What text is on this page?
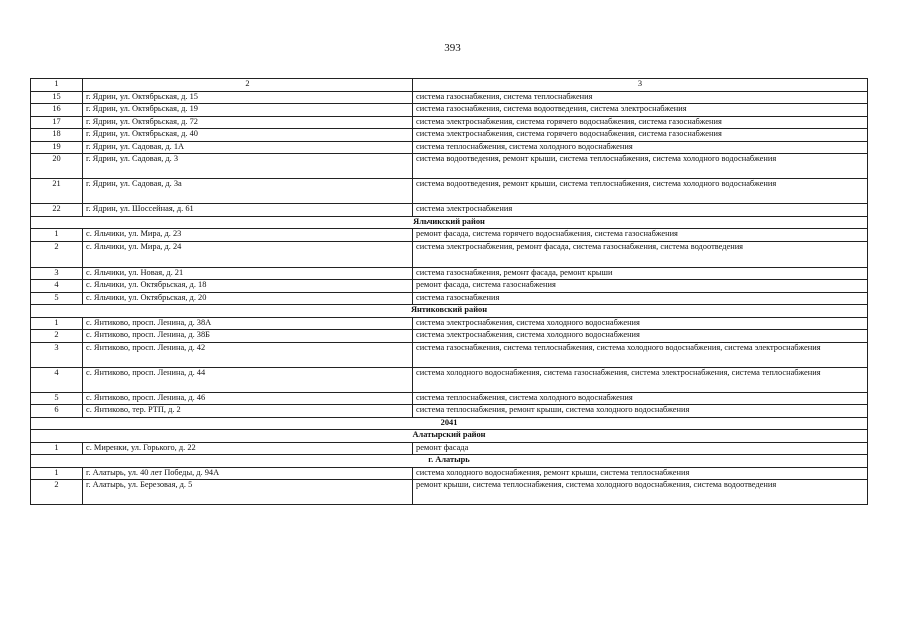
393
1	2	3
15	г. Ядрин, ул. Октябрьская, д. 15	система газоснабжения, система теплоснабжения
16	г. Ядрин, ул. Октябрьская, д. 19	система газоснабжения, система водоотведения, система электроснабжения
17	г. Ядрин, ул. Октябрьская, д. 72	система электроснабжения, система горячего водоснабжения, система газоснабжения
18	г. Ядрин, ул. Октябрьская, д. 40	система электроснабжения, система горячего водоснабжения, система газоснабжения
19	г. Ядрин, ул. Садовая, д. 1А	система теплоснабжения, система холодного водоснабжения
20	г. Ядрин, ул. Садовая, д. 3	система водоотведения, ремонт крыши, система теплоснабжения, система холодного водоснабжения
21	г. Ядрин, ул. Садовая, д. 3а	система водоотведения, ремонт крыши, система теплоснабжения, система холодного водоснабжения
22	г. Ядрин, ул. Шоссейная, д. 61	система электроснабжения
Яльчикский район		
1	с. Яльчики, ул. Мира, д. 23	ремонт фасада, система горячего водоснабжения, система газоснабжения
2	с. Яльчики, ул. Мира, д. 24	система электроснабжения, ремонт фасада, система газоснабжения, система водоотведения
3	с. Яльчики, ул. Новая, д. 21	система газоснабжения, ремонт фасада, ремонт крыши
4	с. Яльчики, ул. Октябрьская, д. 18	ремонт фасада, система газоснабжения
5	с. Яльчики, ул. Октябрьская, д. 20	система газоснабжения
Янтиковский район		
1	с. Янтиково, просп. Ленина, д. 38А	система электроснабжения, система холодного водоснабжения
2	с. Янтиково, просп. Ленина, д. 38Б	система электроснабжения, система холодного водоснабжения
3	с. Янтиково, просп. Ленина, д. 42	система газоснабжения, система теплоснабжения, система холодного водоснабжения, система электроснабжения
4	с. Янтиково, просп. Ленина, д. 44	система холодного водоснабжения, система газоснабжения, система электроснабжения, система теплоснабжения
5	с. Янтиково, просп. Ленина, д. 46	система теплоснабжения, система холодного водоснабжения
6	с. Янтиково, тер. РТП, д. 2	система теплоснабжения, ремонт крыши, система холодного водоснабжения
2041		
Алатырский район		
1	с. Миренки, ул. Горького, д. 22	ремонт фасада
г. Алатырь		
1	г. Алатырь, ул. 40 лет Победы, д. 94А	система холодного водоснабжения, ремонт крыши, система теплоснабжения
2	г. Алатырь, ул. Березовая, д. 5	ремонт крыши, система теплоснабжения, система холодного водоснабжения, система водоотведения
